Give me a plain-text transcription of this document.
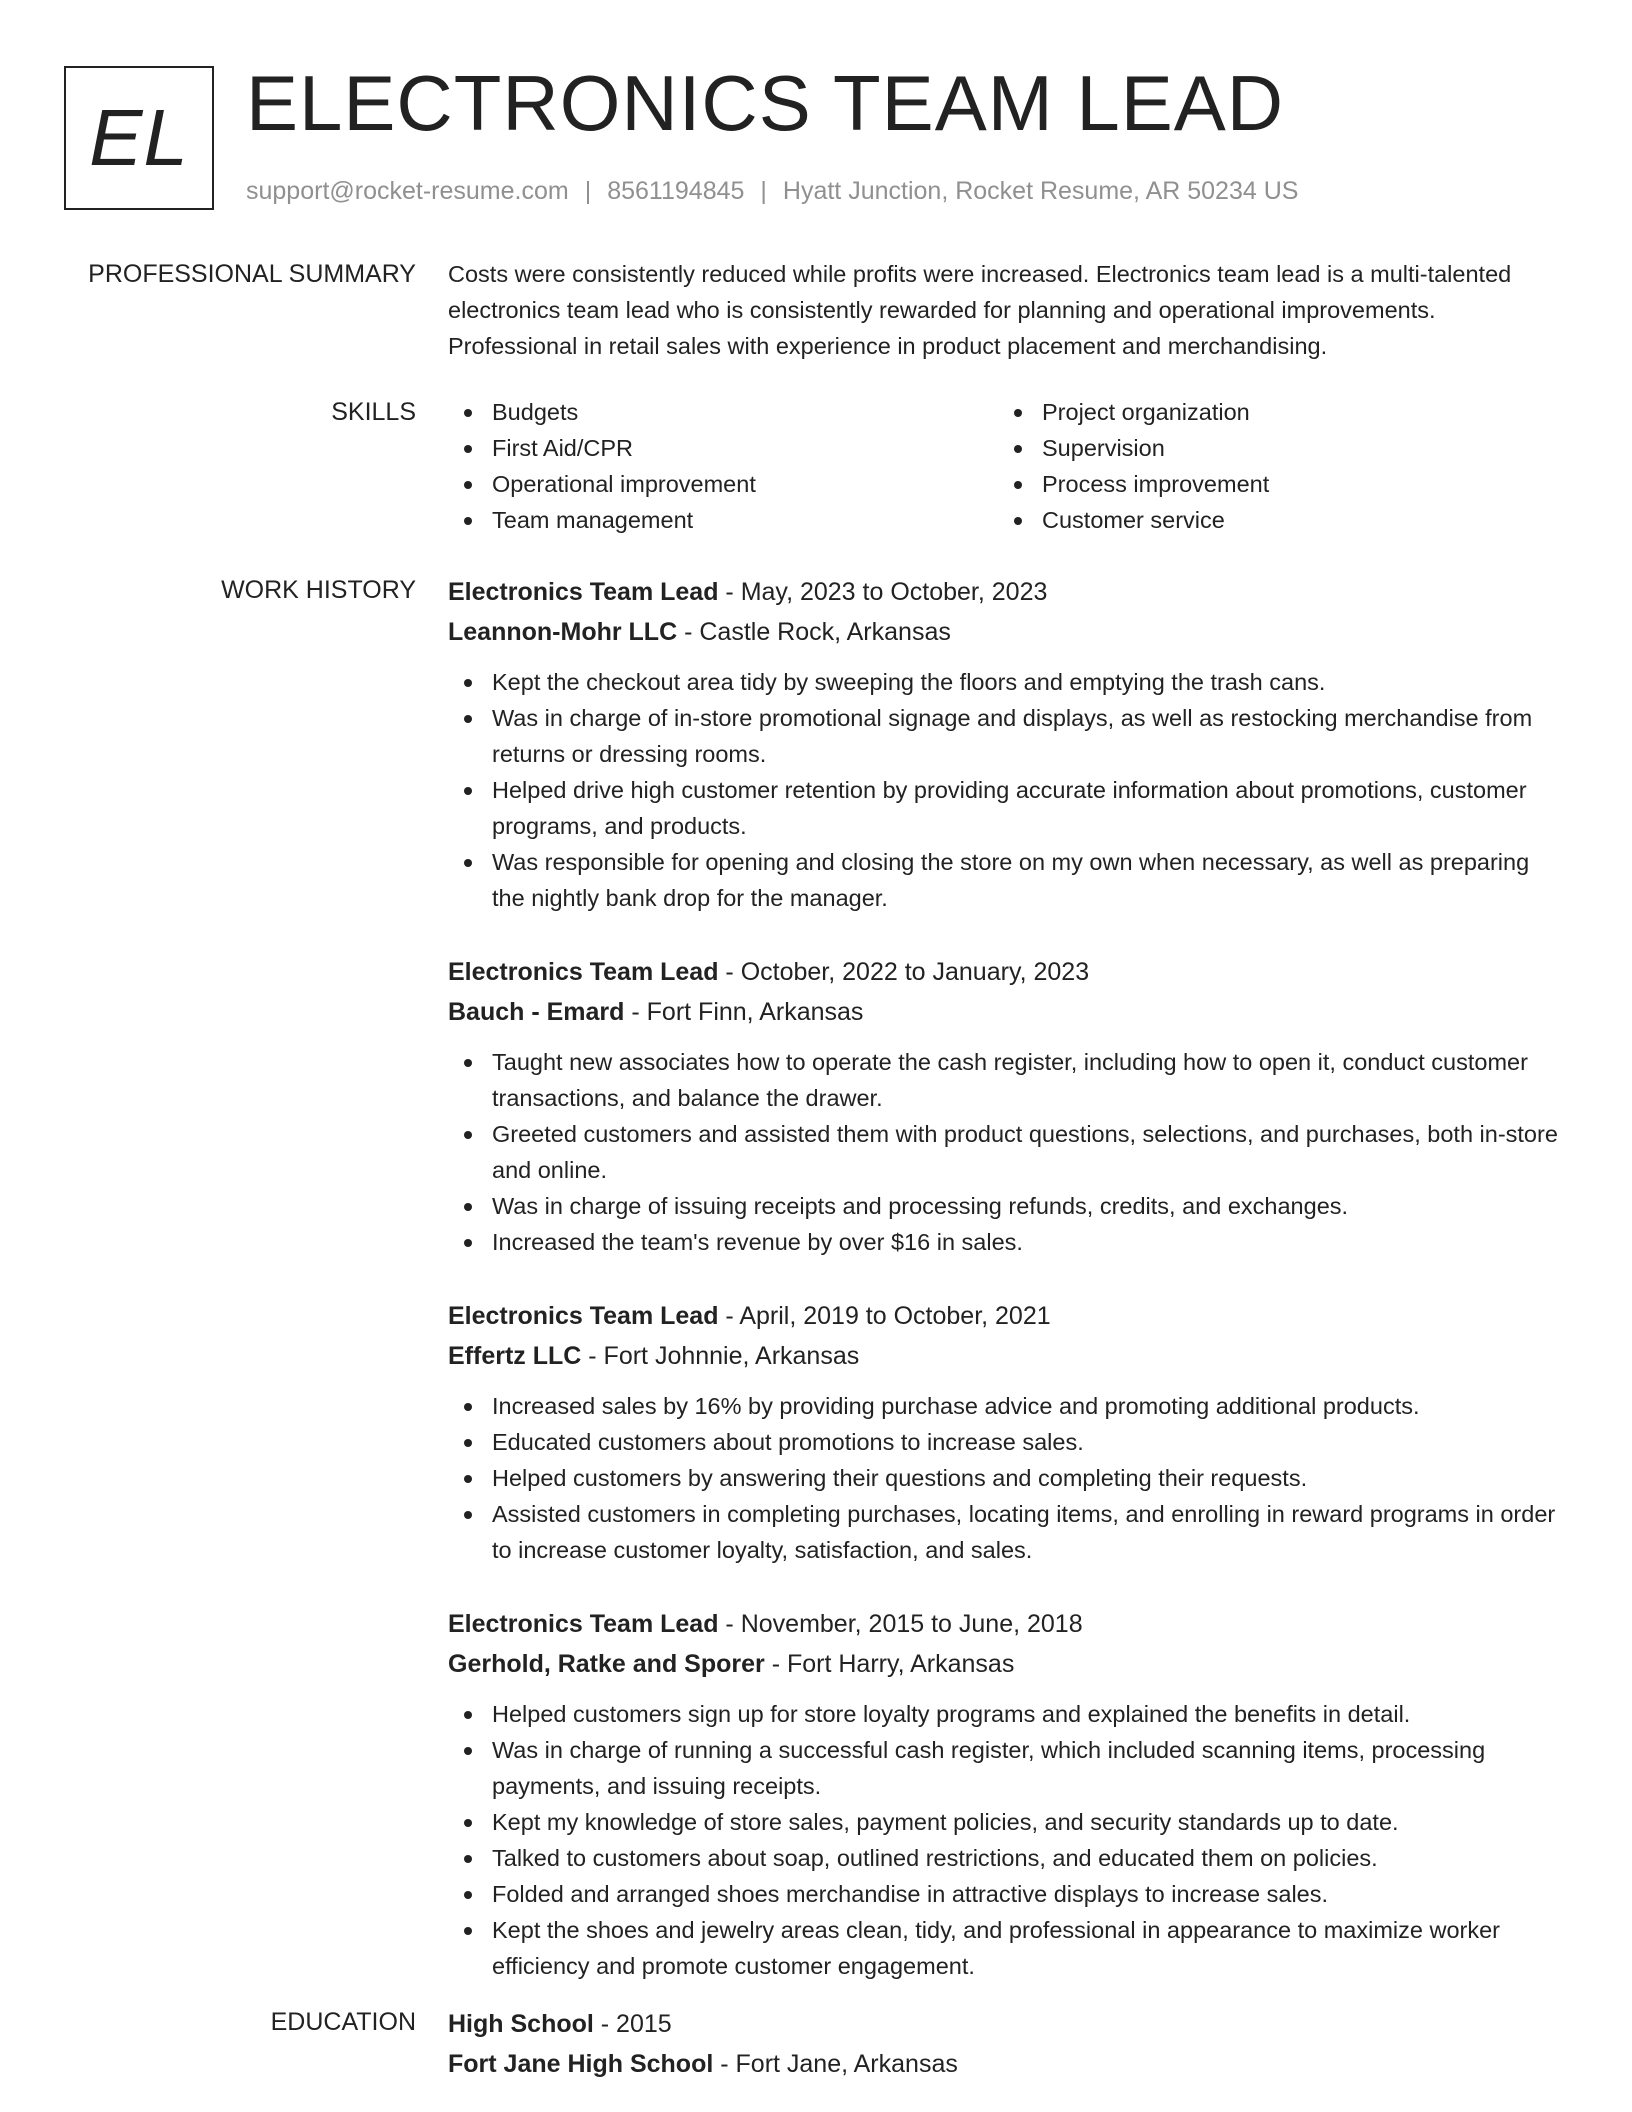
EL ELECTRONICS TEAM LEAD
support@rocket-resume.com | 8561194845 | Hyatt Junction, Rocket Resume, AR 50234 US
PROFESSIONAL SUMMARY Costs were consistently reduced while profits were increased. Electronics team lead is a multi-talented electronics team lead who is consistently rewarded for planning and operational improvements. Professional in retail sales with experience in product placement and merchandising.
SKILLS	Budgets
First Aid/CPR
Operational improvement
Team management
Project organization
Supervision
Process improvement
Customer service
WORK HISTORY Electronics Team Lead - May, 2023 to October, 2023
Leannon-Mohr LLC - Castle Rock, Arkansas
Kept the checkout area tidy by sweeping the floors and emptying the trash cans.
Was in charge of in-store promotional signage and displays, as well as restocking merchandise from returns or dressing rooms.
Helped drive high customer retention by providing accurate information about promotions, customer programs, and products.
Was responsible for opening and closing the store on my own when necessary, as well as preparing the nightly bank drop for the manager.
Electronics Team Lead - October, 2022 to January, 2023
Bauch - Emard - Fort Finn, Arkansas
Taught new associates how to operate the cash register, including how to open it, conduct customer transactions, and balance the drawer.
Greeted customers and assisted them with product questions, selections, and purchases, both in-store and online.
Was in charge of issuing receipts and processing refunds, credits, and exchanges.
Increased the team's revenue by over $16 in sales.
Electronics Team Lead - April, 2019 to October, 2021
Effertz LLC - Fort Johnnie, Arkansas
Increased sales by 16% by providing purchase advice and promoting additional products.
Educated customers about promotions to increase sales.
Helped customers by answering their questions and completing their requests.
Assisted customers in completing purchases, locating items, and enrolling in reward programs in order to increase customer loyalty, satisfaction, and sales.
Electronics Team Lead - November, 2015 to June, 2018
Gerhold, Ratke and Sporer - Fort Harry, Arkansas
Helped customers sign up for store loyalty programs and explained the benefits in detail.
Was in charge of running a successful cash register, which included scanning items, processing payments, and issuing receipts.
Kept my knowledge of store sales, payment policies, and security standards up to date.
Talked to customers about soap, outlined restrictions, and educated them on policies.
Folded and arranged shoes merchandise in attractive displays to increase sales.
Kept the shoes and jewelry areas clean, tidy, and professional in appearance to maximize worker efficiency and promote customer engagement.
EDUCATION High School - 2015
Fort Jane High School - Fort Jane, Arkansas
